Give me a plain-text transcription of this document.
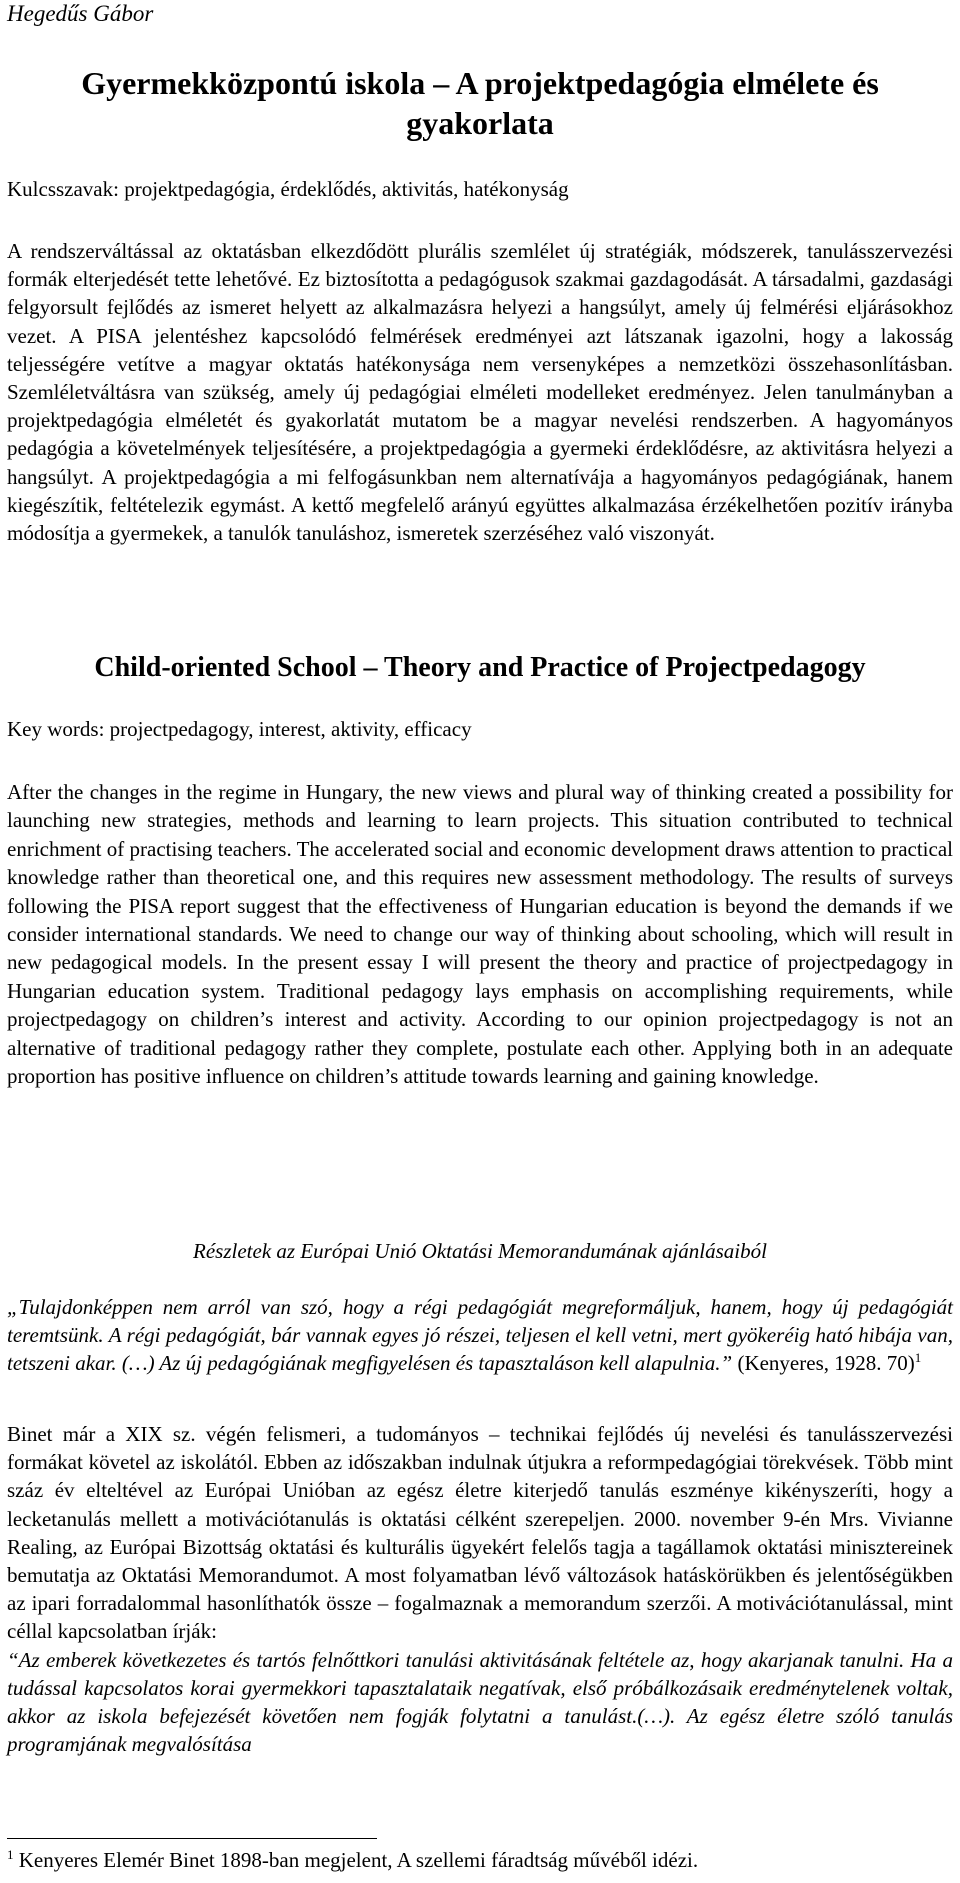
Hegedűs Gábor
Gyermekközpontú iskola – A projektpedagógia elmélete és gyakorlata
Kulcsszavak: projektpedagógia, érdeklődés, aktivitás, hatékonyság

A rendszerváltással az oktatásban elkezdődött plurális szemlélet új stratégiák, módszerek, tanulásszervezési formák elterjedését tette lehetővé. Ez biztosította a pedagógusok szakmai gazdagodását. A társadalmi, gazdasági felgyorsult fejlődés az ismeret helyett az alkalmazásra helyezi a hangsúlyt, amely új felmérési eljárásokhoz vezet. A PISA jelentéshez kapcsolódó felmérések eredményei azt látszanak igazolni, hogy a lakosság teljességére vetítve a magyar oktatás hatékonysága nem versenyképes a nemzetközi összehasonlításban. Szemléletváltásra van szükség, amely új pedagógiai elméleti modelleket eredményez. Jelen tanulmányban a projektpedagógia elméletét és gyakorlatát mutatom be a magyar nevelési rendszerben. A hagyományos pedagógia a követelmények teljesítésére, a projektpedagógia a gyermeki érdeklődésre, az aktivitásra helyezi a hangsúlyt. A projektpedagógia a mi felfogásunkban nem alternatívája a hagyományos pedagógiának, hanem kiegészítik, feltételezik egymást. A kettő megfelelő arányú együttes alkalmazása érzékelhetően pozitív irányba módosítja a gyermekek, a tanulók tanuláshoz, ismeretek szerzéséhez való viszonyát.

Child-oriented School – Theory and Practice of Projectpedagogy
Key words: projectpedagogy, interest, aktivity, efficacy

After the changes in the regime in Hungary, the new views and plural way of thinking created a possibility for launching new strategies, methods and learning to learn projects. This situation contributed to technical enrichment of practising teachers. The accelerated social and economic development draws attention to practical knowledge rather than theoretical one, and this requires new assessment methodology. The results of surveys following the PISA report suggest that the effectiveness of Hungarian education is beyond the demands if we consider international standards. We need to change our way of thinking about schooling, which will result in new pedagogical models. In the present essay I will present the theory and practice of projectpedagogy in Hungarian education system. Traditional pedagogy lays emphasis on accomplishing requirements, while projectpedagogy on children’s interest and activity. According to our opinion projectpedagogy is not an alternative of traditional pedagogy rather they complete, postulate each other. Applying both in an adequate proportion has positive influence on children’s attitude towards learning and gaining knowledge.

Részletek az Európai Unió Oktatási Memorandumának ajánlásaiból

„Tulajdonképpen nem arról van szó, hogy a régi pedagógiát megreformáljuk, hanem, hogy új pedagógiát teremtsünk. A régi pedagógiát, bár vannak egyes jó részei, teljesen el kell vetni, mert gyökeréig ható hibája van, tetszeni akar. (…) Az új pedagógiának megfigyelésen és tapasztaláson kell alapulnia.” (Kenyeres, 1928. 70)$^1$

Binet már a XIX sz. végén felismeri, a tudományos – technikai fejlődés új nevelési és tanulásszervezési formákat követel az iskolától. Ebben az időszakban indulnak útjukra a reformpedagógiai törekvések. Több mint száz év elteltével az Európai Unióban az egész életre kiterjedő tanulás eszménye kikényszeríti, hogy a lecketanulás mellett a motivációtanulás is oktatási célként szerepeljen. 2000. november 9-én Mrs. Vivianne Realing, az Európai Bizottság oktatási és kulturális ügyekért felelős tagja a tagállamok oktatási minisztereinek bemutatja az Oktatási Memorandumot. A most folyamatban lévő változások hatáskörükben és jelentőségükben az ipari forradalommal hasonlíthatók össze – fogalmaznak a memorandum szerzői. A motivációtanulással, mint céllal kapcsolatban írják:
“Az emberek következetes és tartós felnőttkori tanulási aktivitásának feltétele az, hogy akarjanak tanulni. Ha a tudással kapcsolatos korai gyermekkori tapasztalataik negatívak, első próbálkozásaik eredménytelenek voltak, akkor az iskola befejezését követően nem fogják folytatni a tanulást.(…). Az egész életre szóló tanulás programjának megvalósítása

$^1$ Kenyeres Elemér Binet 1898-ban megjelent, A szellemi fáradtság művéből idézi.
